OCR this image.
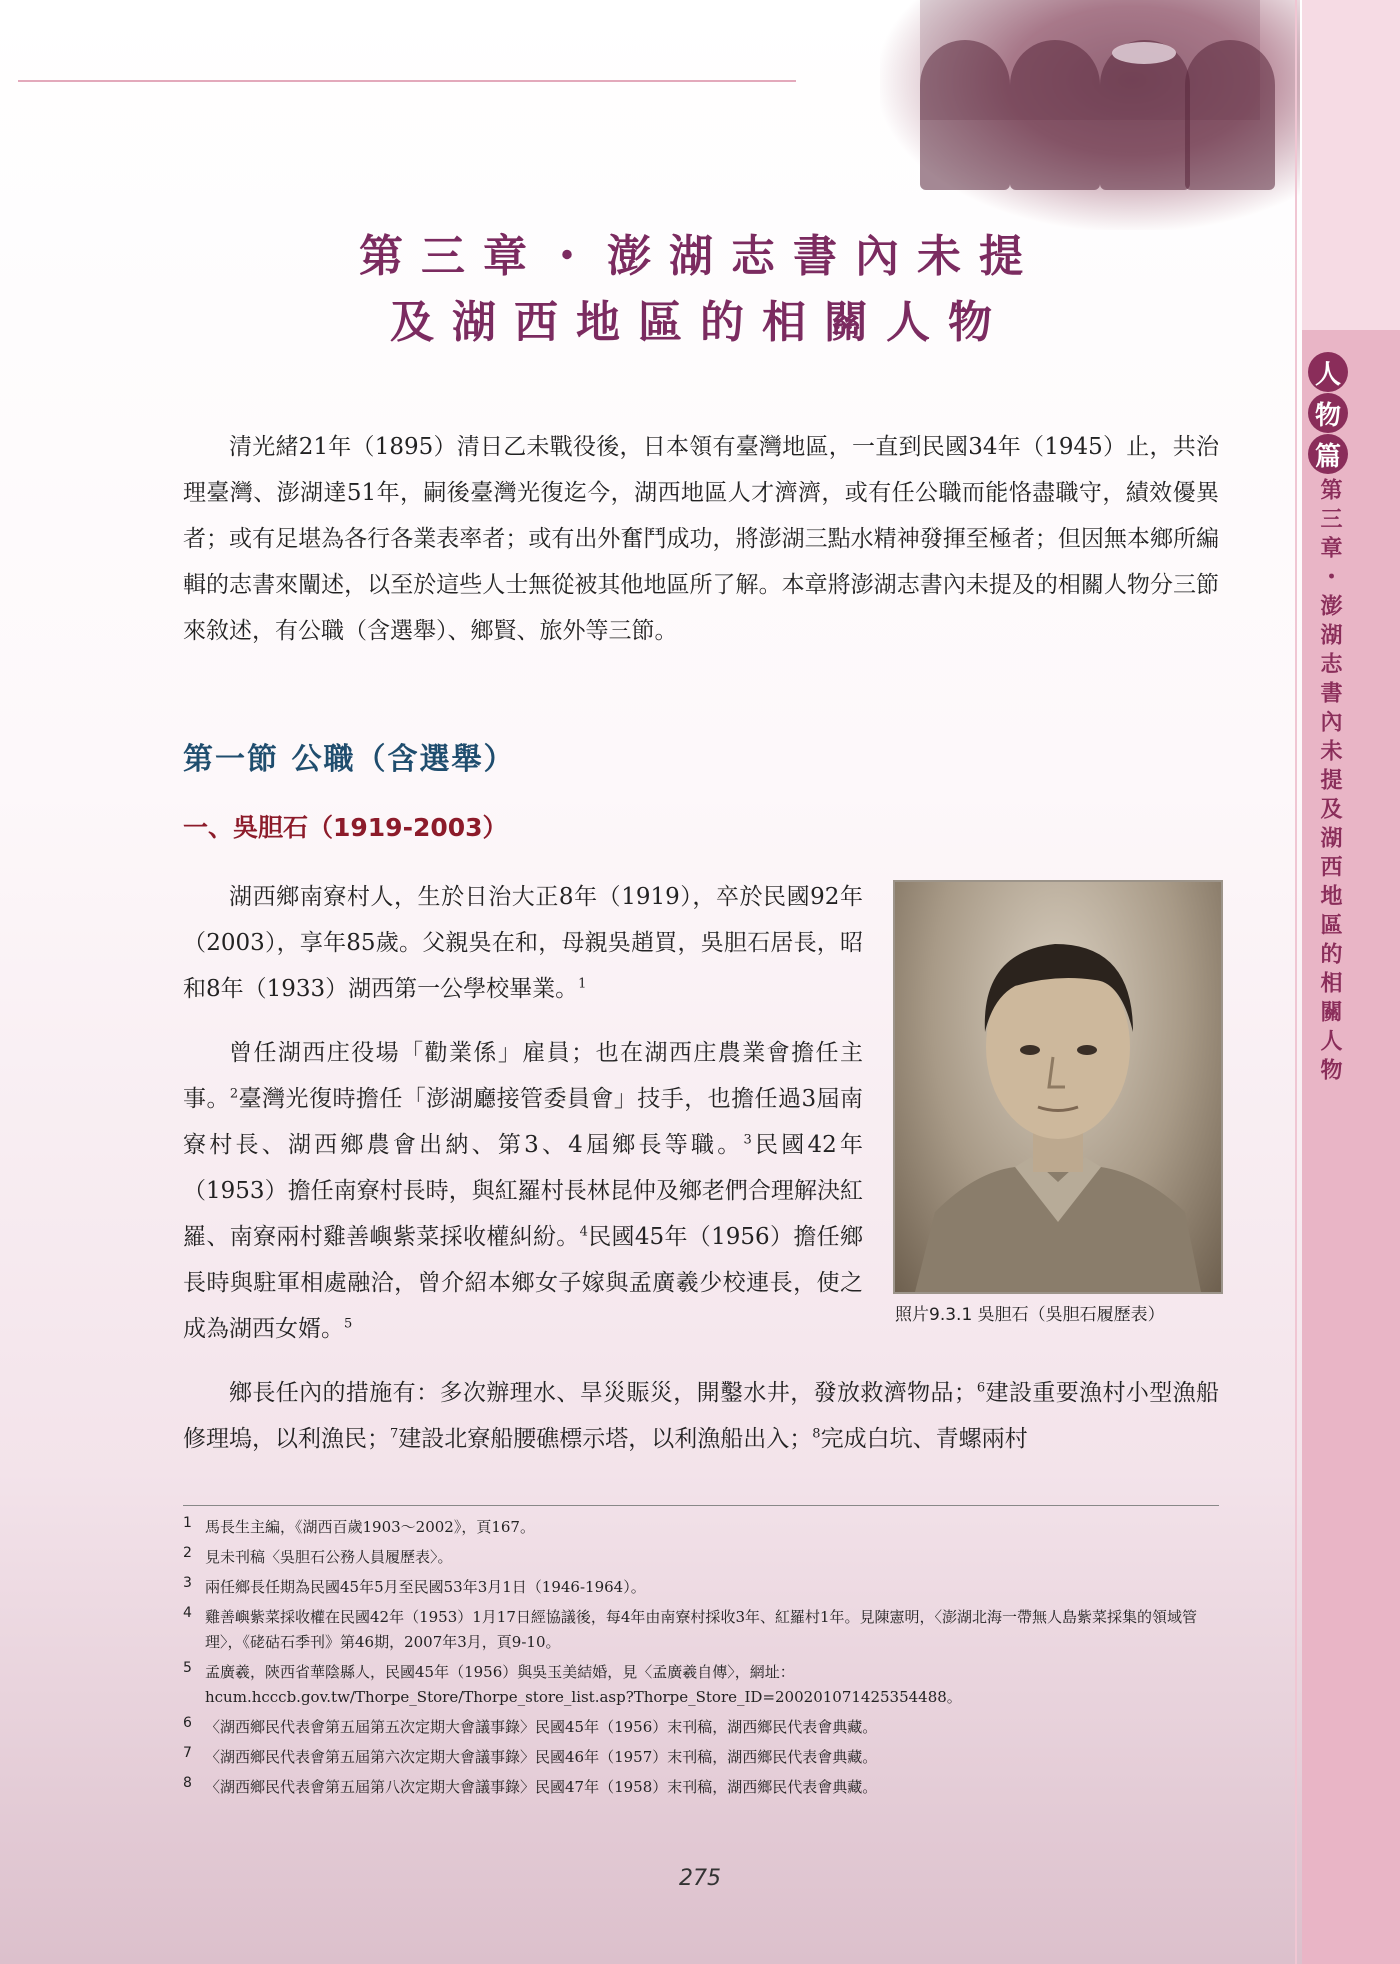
人
物
篇
第三章・澎湖志書內未提及湖西地區的相關人物
第三章・澎湖志書內未提
及湖西地區的相關人物

清光緒21年（1895）清日乙未戰役後，日本領有臺灣地區，一直到民國34年（1945）止，共治理臺灣、澎湖達51年，嗣後臺灣光復迄今，湖西地區人才濟濟，或有任公職而能恪盡職守，績效優異者；或有足堪為各行各業表率者；或有出外奮鬥成功，將澎湖三點水精神發揮至極者；但因無本鄉所編輯的志書來闡述，以至於這些人士無從被其他地區所了解。本章將澎湖志書內未提及的相關人物分三節來敘述，有公職（含選舉）、鄉賢、旅外等三節。

第一節 公職（含選舉）
一、吳胆石（1919-2003）

湖西鄉南寮村人，生於日治大正8年（1919），卒於民國92年（2003），享年85歲。父親吳在和，母親吳趙買，吳胆石居長，昭和8年（1933）湖西第一公學校畢業。$^1$

曾任湖西庄役場「勸業係」雇員；也在湖西庄農業會擔任主事。$^2$臺灣光復時擔任「澎湖廳接管委員會」技手，也擔任過3屆南寮村長、湖西鄉農會出納、第3、4屆鄉長等職。$^3$民國42年（1953）擔任南寮村長時，與紅羅村長林昆仲及鄉老們合理解決紅羅、南寮兩村雞善嶼紫菜採收權糾紛。$^4$民國45年（1956）擔任鄉長時與駐軍相處融洽，曾介紹本鄉女子嫁與孟廣羲少校連長，使之成為湖西女婿。$^5$	照片9.3.1 吳胆石（吳胆石履歷表）

鄉長任內的措施有：多次辦理水、旱災賑災，開鑿水井，發放救濟物品；$^6$建設重要漁村小型漁船修理塢，以利漁民；$^7$建設北寮船腰礁標示塔，以利漁船出入；$^8$完成白坑、青螺兩村

1 馬長生主編，《湖西百歲1903～2002》，頁167。
2 見未刊稿〈吳胆石公務人員履歷表〉。
3 兩任鄉長任期為民國45年5月至民國53年3月1日（1946-1964）。
4 雞善嶼紫菜採收權在民國42年（1953）1月17日經協議後，每4年由南寮村採收3年、紅羅村1年。見陳憲明，〈澎湖北海一帶無人島紫菜採集的領域管理〉，《硓𥑮石季刊》第46期，2007年3月，頁9-10。
5 孟廣羲，陝西省華陰縣人，民國45年（1956）與吳玉美結婚，見〈孟廣羲自傳〉，網址：hcum.hcccb.gov.tw/Thorpe_Store/Thorpe_store_list.asp?Thorpe_Store_ID=200201071425354488。
6 〈湖西鄉民代表會第五屆第五次定期大會議事錄〉民國45年（1956）末刊稿，湖西鄉民代表會典藏。
7 〈湖西鄉民代表會第五屆第六次定期大會議事錄〉民國46年（1957）末刊稿，湖西鄉民代表會典藏。
8 〈湖西鄉民代表會第五屆第八次定期大會議事錄〉民國47年（1958）末刊稿，湖西鄉民代表會典藏。
275
